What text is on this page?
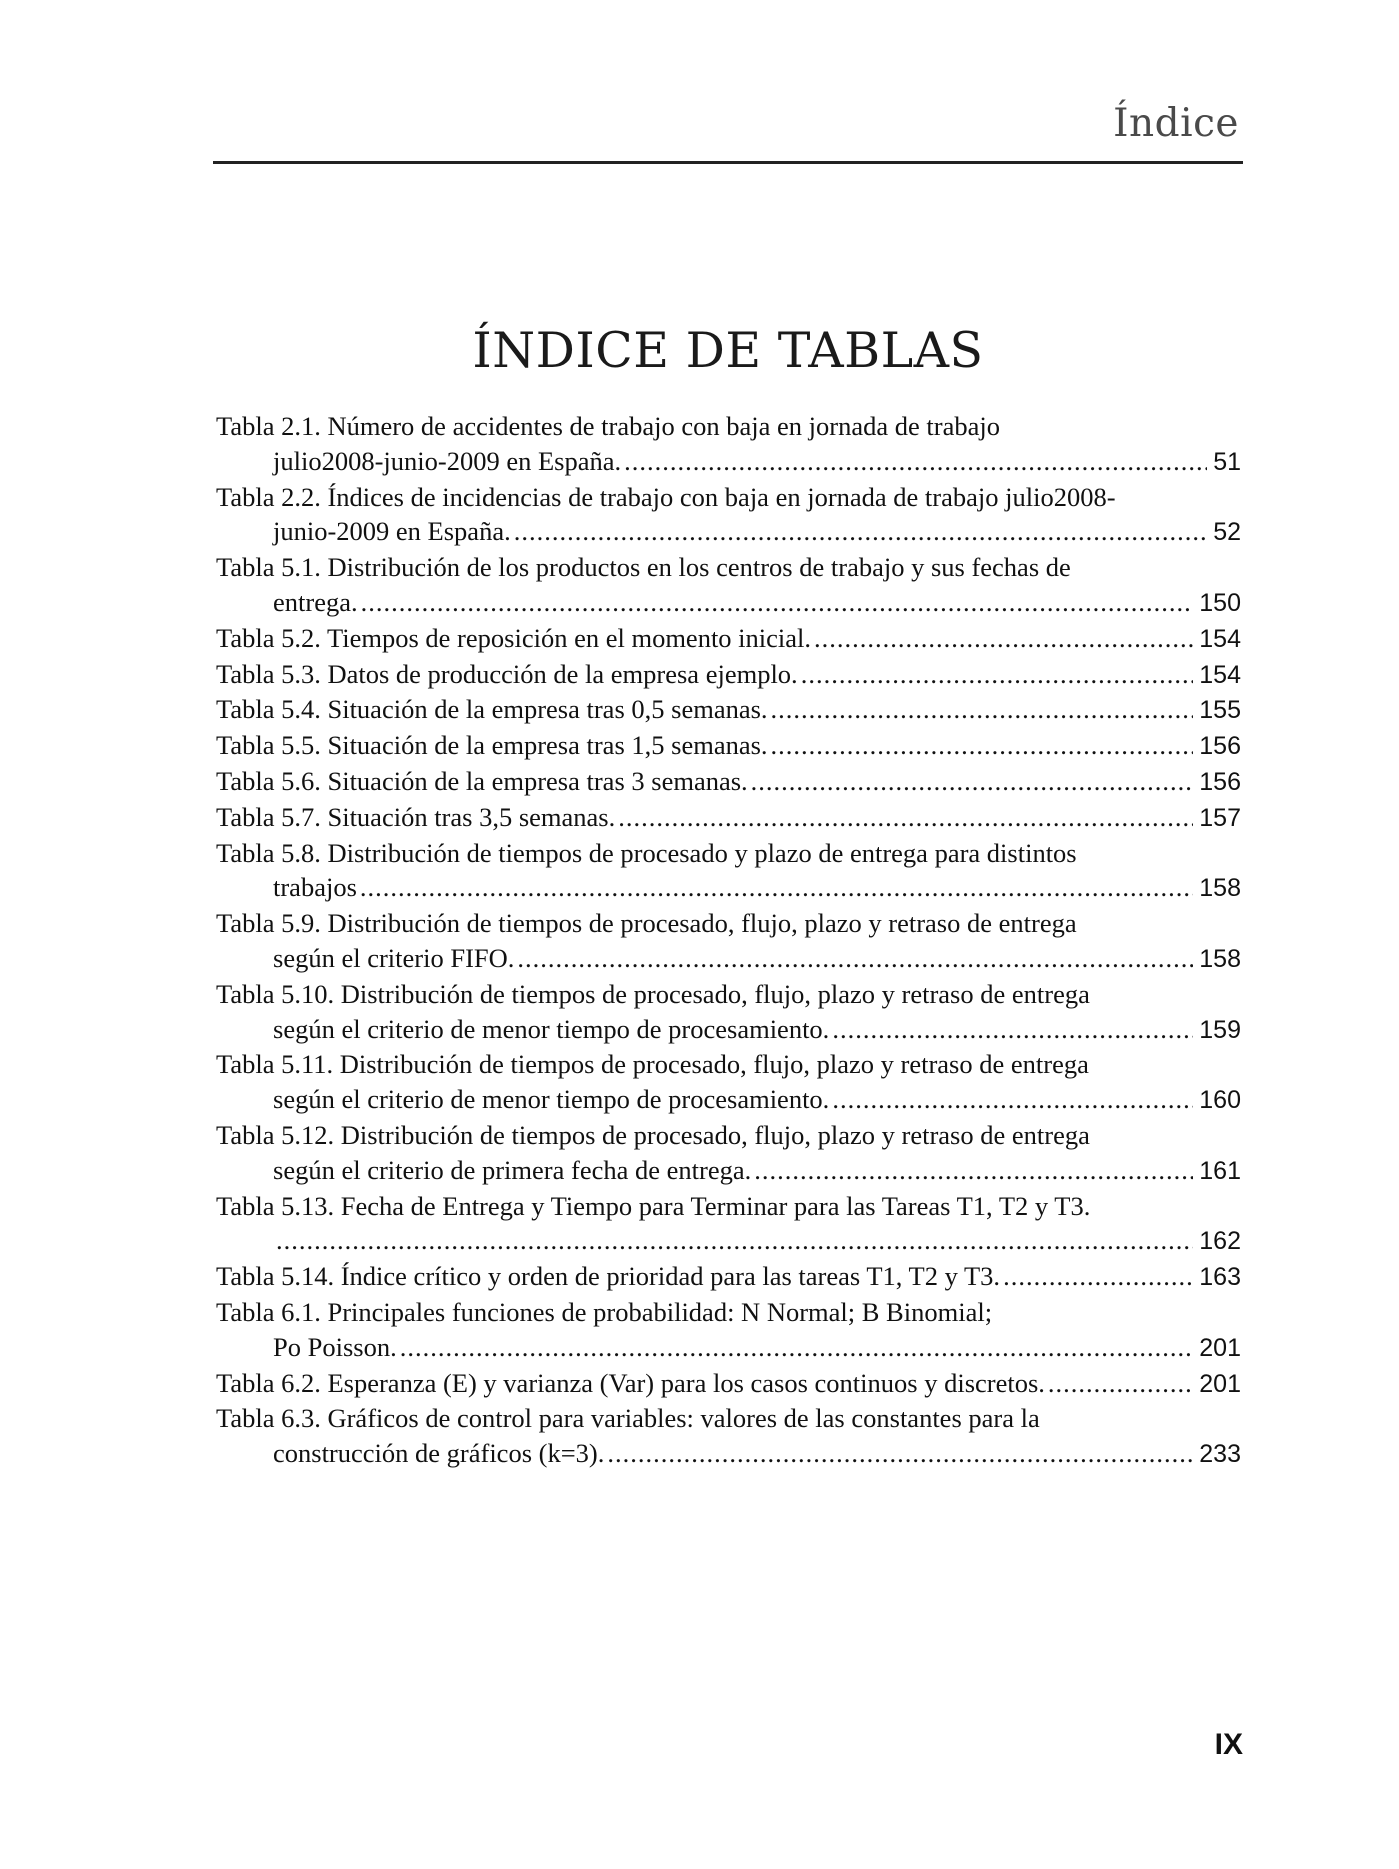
Índice
ÍNDICE DE TABLAS
Tabla 2.1. Número de accidentes de trabajo con baja en jornada de trabajo
julio2008-junio-2009 en España. .....	51
Tabla 2.2. Índices de incidencias de trabajo con baja en jornada de trabajo julio2008-
junio-2009 en España. .....	52
Tabla 5.1. Distribución de los productos en los centros de trabajo y sus fechas de
entrega. .....	150
Tabla 5.2. Tiempos de reposición en el momento inicial. .....	154
Tabla 5.3. Datos de producción de la empresa ejemplo. .....	154
Tabla 5.4. Situación de la empresa tras 0,5 semanas. .....	155
Tabla 5.5. Situación de la empresa tras 1,5 semanas. .....	156
Tabla 5.6. Situación de la empresa tras 3 semanas. .....	156
Tabla 5.7. Situación tras 3,5 semanas. .....	157
Tabla 5.8. Distribución de tiempos de procesado y plazo de entrega para distintos
trabajos .....	158
Tabla 5.9. Distribución de tiempos de procesado, flujo, plazo y retraso de entrega
según el criterio FIFO. .....	158
Tabla 5.10. Distribución de tiempos de procesado, flujo, plazo y retraso de entrega
según el criterio de menor tiempo de procesamiento. .....	159
Tabla 5.11. Distribución de tiempos de procesado, flujo, plazo y retraso de entrega
según el criterio de menor tiempo de procesamiento. .....	160
Tabla 5.12. Distribución de tiempos de procesado, flujo, plazo y retraso de entrega
según el criterio de primera fecha de entrega. .....	161
Tabla 5.13. Fecha de Entrega y Tiempo para Terminar para las Tareas T1, T2 y T3.
.....
162
Tabla 5.14. Índice crítico y orden de prioridad para las tareas T1, T2 y T3. .....	163
Tabla 6.1. Principales funciones de probabilidad: N Normal; B Binomial;
Po Poisson. .....	201
Tabla 6.2. Esperanza (E) y varianza (Var) para los casos continuos y discretos. .....	201
Tabla 6.3. Gráficos de control para variables: valores de las constantes para la
construcción de gráficos (k=3). .....	233
IX
